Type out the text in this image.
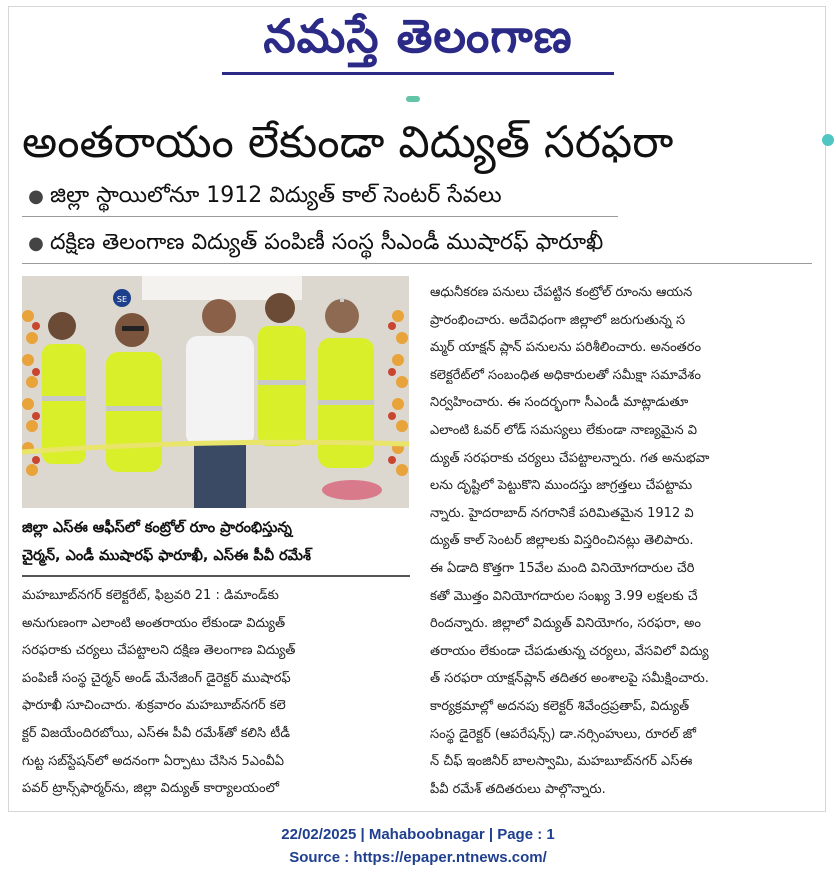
నమస్తే తెలంగాణ
అంతరాయం లేకుండా విద్యుత్ సరఫరా
● జిల్లా స్థాయిలోనూ 1912 విద్యుత్ కాల్ సెంటర్ సేవలు
● దక్షిణ తెలంగాణ విద్యుత్ పంపిణీ సంస్థ సీఎండీ ముషారఫ్ ఫారూఖీ
SE
జిల్లా ఎస్ఈ ఆఫీస్‌లో కంట్రోల్ రూం ప్రారంభిస్తున్న
చైర్మన్, ఎండీ ముషారఫ్ ఫారూఖీ, ఎస్ఈ పీవీ రమేశ్
మహబూబ్‌నగర్ కలెక్టరేట్, ఫిబ్రవరి 21 : డిమాండ్‌కు
అనుగుణంగా ఎలాంటి అంతరాయం లేకుండా విద్యుత్
సరఫరాకు చర్యలు చేపట్టాలని దక్షిణ తెలంగాణ విద్యుత్
పంపిణీ సంస్థ చైర్మన్ అండ్ మేనేజింగ్ డైరెక్టర్ ముషారఫ్
ఫారూఖీ సూచించారు. శుక్రవారం మహబూబ్‌నగర్ కలె
క్టర్ విజయేందిరబోయి, ఎస్ఈ పీవీ రమేశ్‌తో కలిసి టీడీ
గుట్ట సబ్‌స్టేషన్‌లో అదనంగా ఏర్పాటు చేసిన 5ఎంవీఏ
పవర్ ట్రాన్స్‌ఫార్మర్‌ను, జిల్లా విద్యుత్ కార్యాలయంలో
ఆధునీకరణ పనులు చేపట్టిన కంట్రోల్ రూంను ఆయన
ప్రారంభించారు. అదేవిధంగా జిల్లాలో జరుగుతున్న స
మ్మర్ యాక్షన్ ప్లాన్ పనులను పరిశీలించారు. అనంతరం
కలెక్టరేట్‌లో సంబంధిత అధికారులతో సమీక్షా సమావేశం
నిర్వహించారు. ఈ సందర్భంగా సీఎండీ మాట్లాడుతూ
ఎలాంటి ఓవర్ లోడ్ సమస్యలు లేకుండా నాణ్యమైన వి
ద్యుత్ సరఫరాకు చర్యలు చేపట్టాలన్నారు. గత అనుభవా
లను దృష్టిలో పెట్టుకొని ముందస్తు జాగ్రత్తలు చేపట్టామ
న్నారు. హైదరాబాద్ నగరానికే పరిమితమైన 1912 వి
ద్యుత్ కాల్ సెంటర్ జిల్లాలకు విస్తరించినట్లు తెలిపారు.
ఈ ఏడాది కొత్తగా 15వేల మంది వినియోగదారుల చేరి
కతో మొత్తం వినియోగదారుల సంఖ్య 3.99 లక్షలకు చే
రిందన్నారు. జిల్లాలో విద్యుత్ వినియోగం, సరఫరా, అం
తరాయం లేకుండా చేపడుతున్న చర్యలు, వేసవిలో విద్యు
త్ సరఫరా యాక్షన్‌ప్లాన్ తదితర అంశాలపై సమీక్షించారు.
కార్యక్రమాల్లో అదనపు కలెక్టర్ శివేంద్రప్రతాప్, విద్యుత్
సంస్థ డైరెక్టర్ (ఆపరేషన్స్) డా.నర్సింహులు, రూరల్ జో
న్ చీఫ్ ఇంజినీర్ బాలస్వామి, మహబూబ్‌నగర్ ఎస్ఈ
పీవీ రమేశ్ తదితరులు పాల్గొన్నారు.
22/02/2025 | Mahaboobnagar | Page : 1
Source : https://epaper.ntnews.com/
